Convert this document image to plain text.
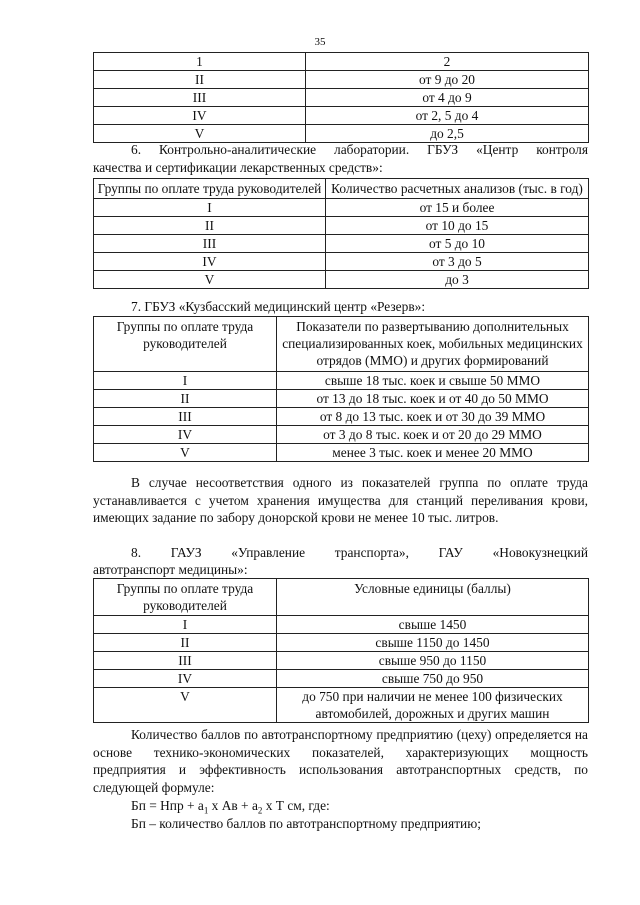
35
1	2
II	от 9 до 20
III	от 4 до 9
IV	от 2, 5 до 4
V	до 2,5
6. Контрольно-аналитические лаборатории. ГБУЗ «Центр контроля
качества и сертификации лекарственных средств»:
Группы по оплате труда руководителей	Количество расчетных анализов (тыс. в год)
I	от 15 и более
II	от 10 до 15
III	от 5 до 10
IV	от 3 до 5
V	до 3
7. ГБУЗ «Кузбасский медицинский центр «Резерв»:
Группы по оплате труда руководителей	Показатели по развертыванию дополнительных специализированных коек, мобильных медицинских отрядов (ММО) и других формирований
I	свыше 18 тыс. коек и свыше 50 ММО
II	от 13 до 18 тыс. коек и от 40 до 50 ММО
III	от 8 до 13 тыс. коек и от 30 до 39 ММО
IV	от 3 до 8 тыс. коек и от 20 до 29 ММО
V	менее 3 тыс. коек и менее 20 ММО
В случае несоответствия одного из показателей группа по оплате труда устанавливается с учетом хранения имущества для станций переливания крови, имеющих задание по забору донорской крови не менее 10 тыс. литров.
8. ГАУЗ «Управление транспорта», ГАУ «Новокузнецкий
автотранспорт медицины»:
Группы по оплате труда руководителей	Условные единицы (баллы)
I	свыше 1450
II	свыше 1150 до 1450
III	свыше 950 до 1150
IV	свыше 750 до 950
V	до 750 при наличии не менее 100 физических автомобилей, дорожных и других машин
Количество баллов по автотранспортному предприятию (цеху) определяется на основе технико-экономических показателей, характеризующих мощность предприятия и эффективность использования автотранспортных средств, по следующей формуле:
Бп = Нпр + $а_1$ х Ав + $а_2$ х Т см, где:
Бп – количество баллов по автотранспортному предприятию;
